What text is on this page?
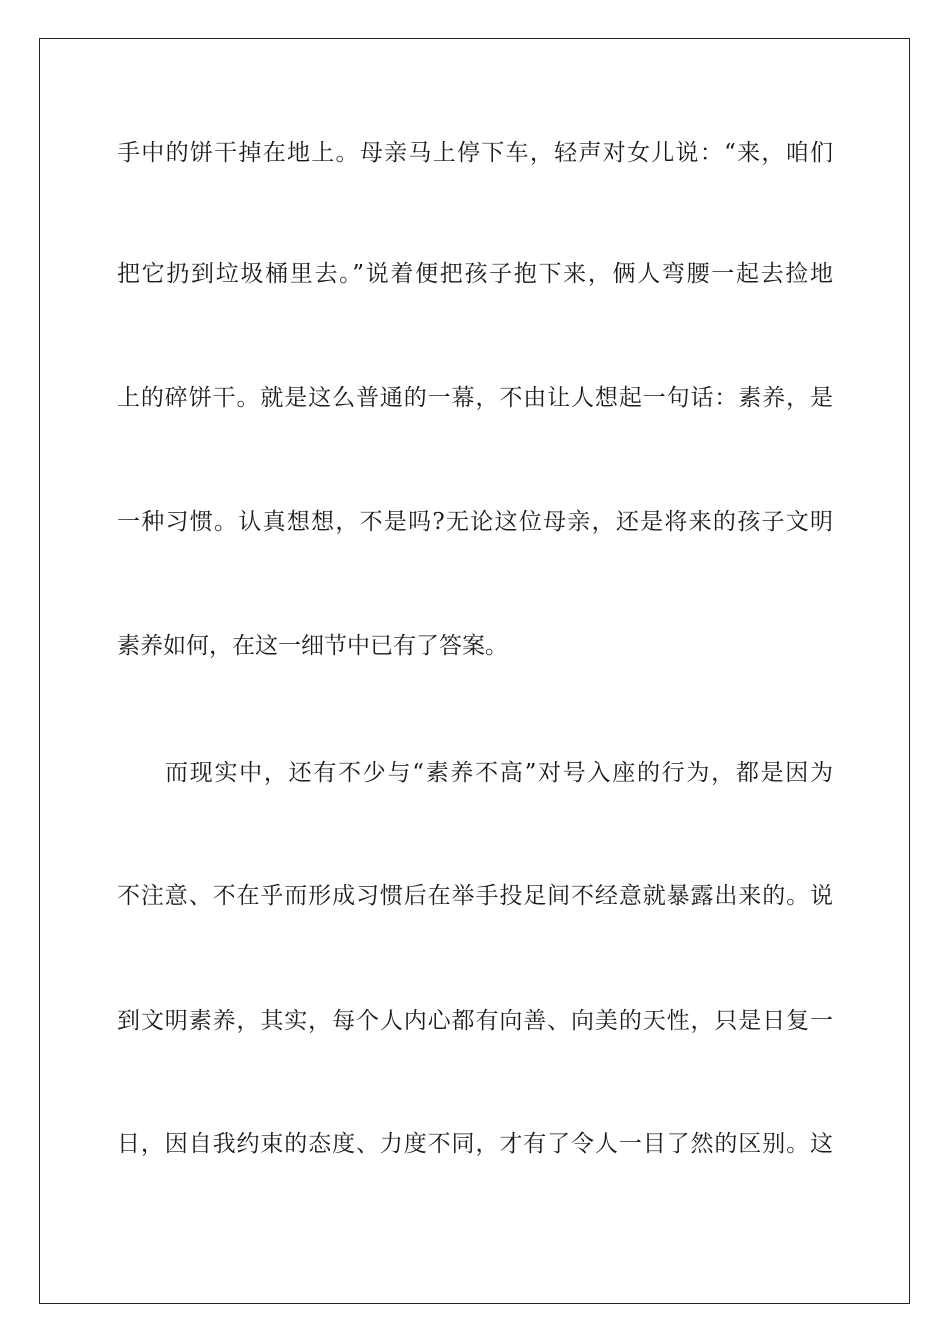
手中的饼干掉在地上。母亲马上停下车，轻声对女儿说：“来，咱们
把它扔到垃圾桶里去。”说着便把孩子抱下来，俩人弯腰一起去捡地
上的碎饼干。就是这么普通的一幕，不由让人想起一句话：素养，是
一种习惯。认真想想，不是吗?无论这位母亲，还是将来的孩子文明
素养如何，在这一细节中已有了答案。
而现实中，还有不少与“素养不高”对号入座的行为，都是因为
不注意、不在乎而形成习惯后在举手投足间不经意就暴露出来的。说
到文明素养，其实，每个人内心都有向善、向美的天性，只是日复一
日，因自我约束的态度、力度不同，才有了令人一目了然的区别。这
